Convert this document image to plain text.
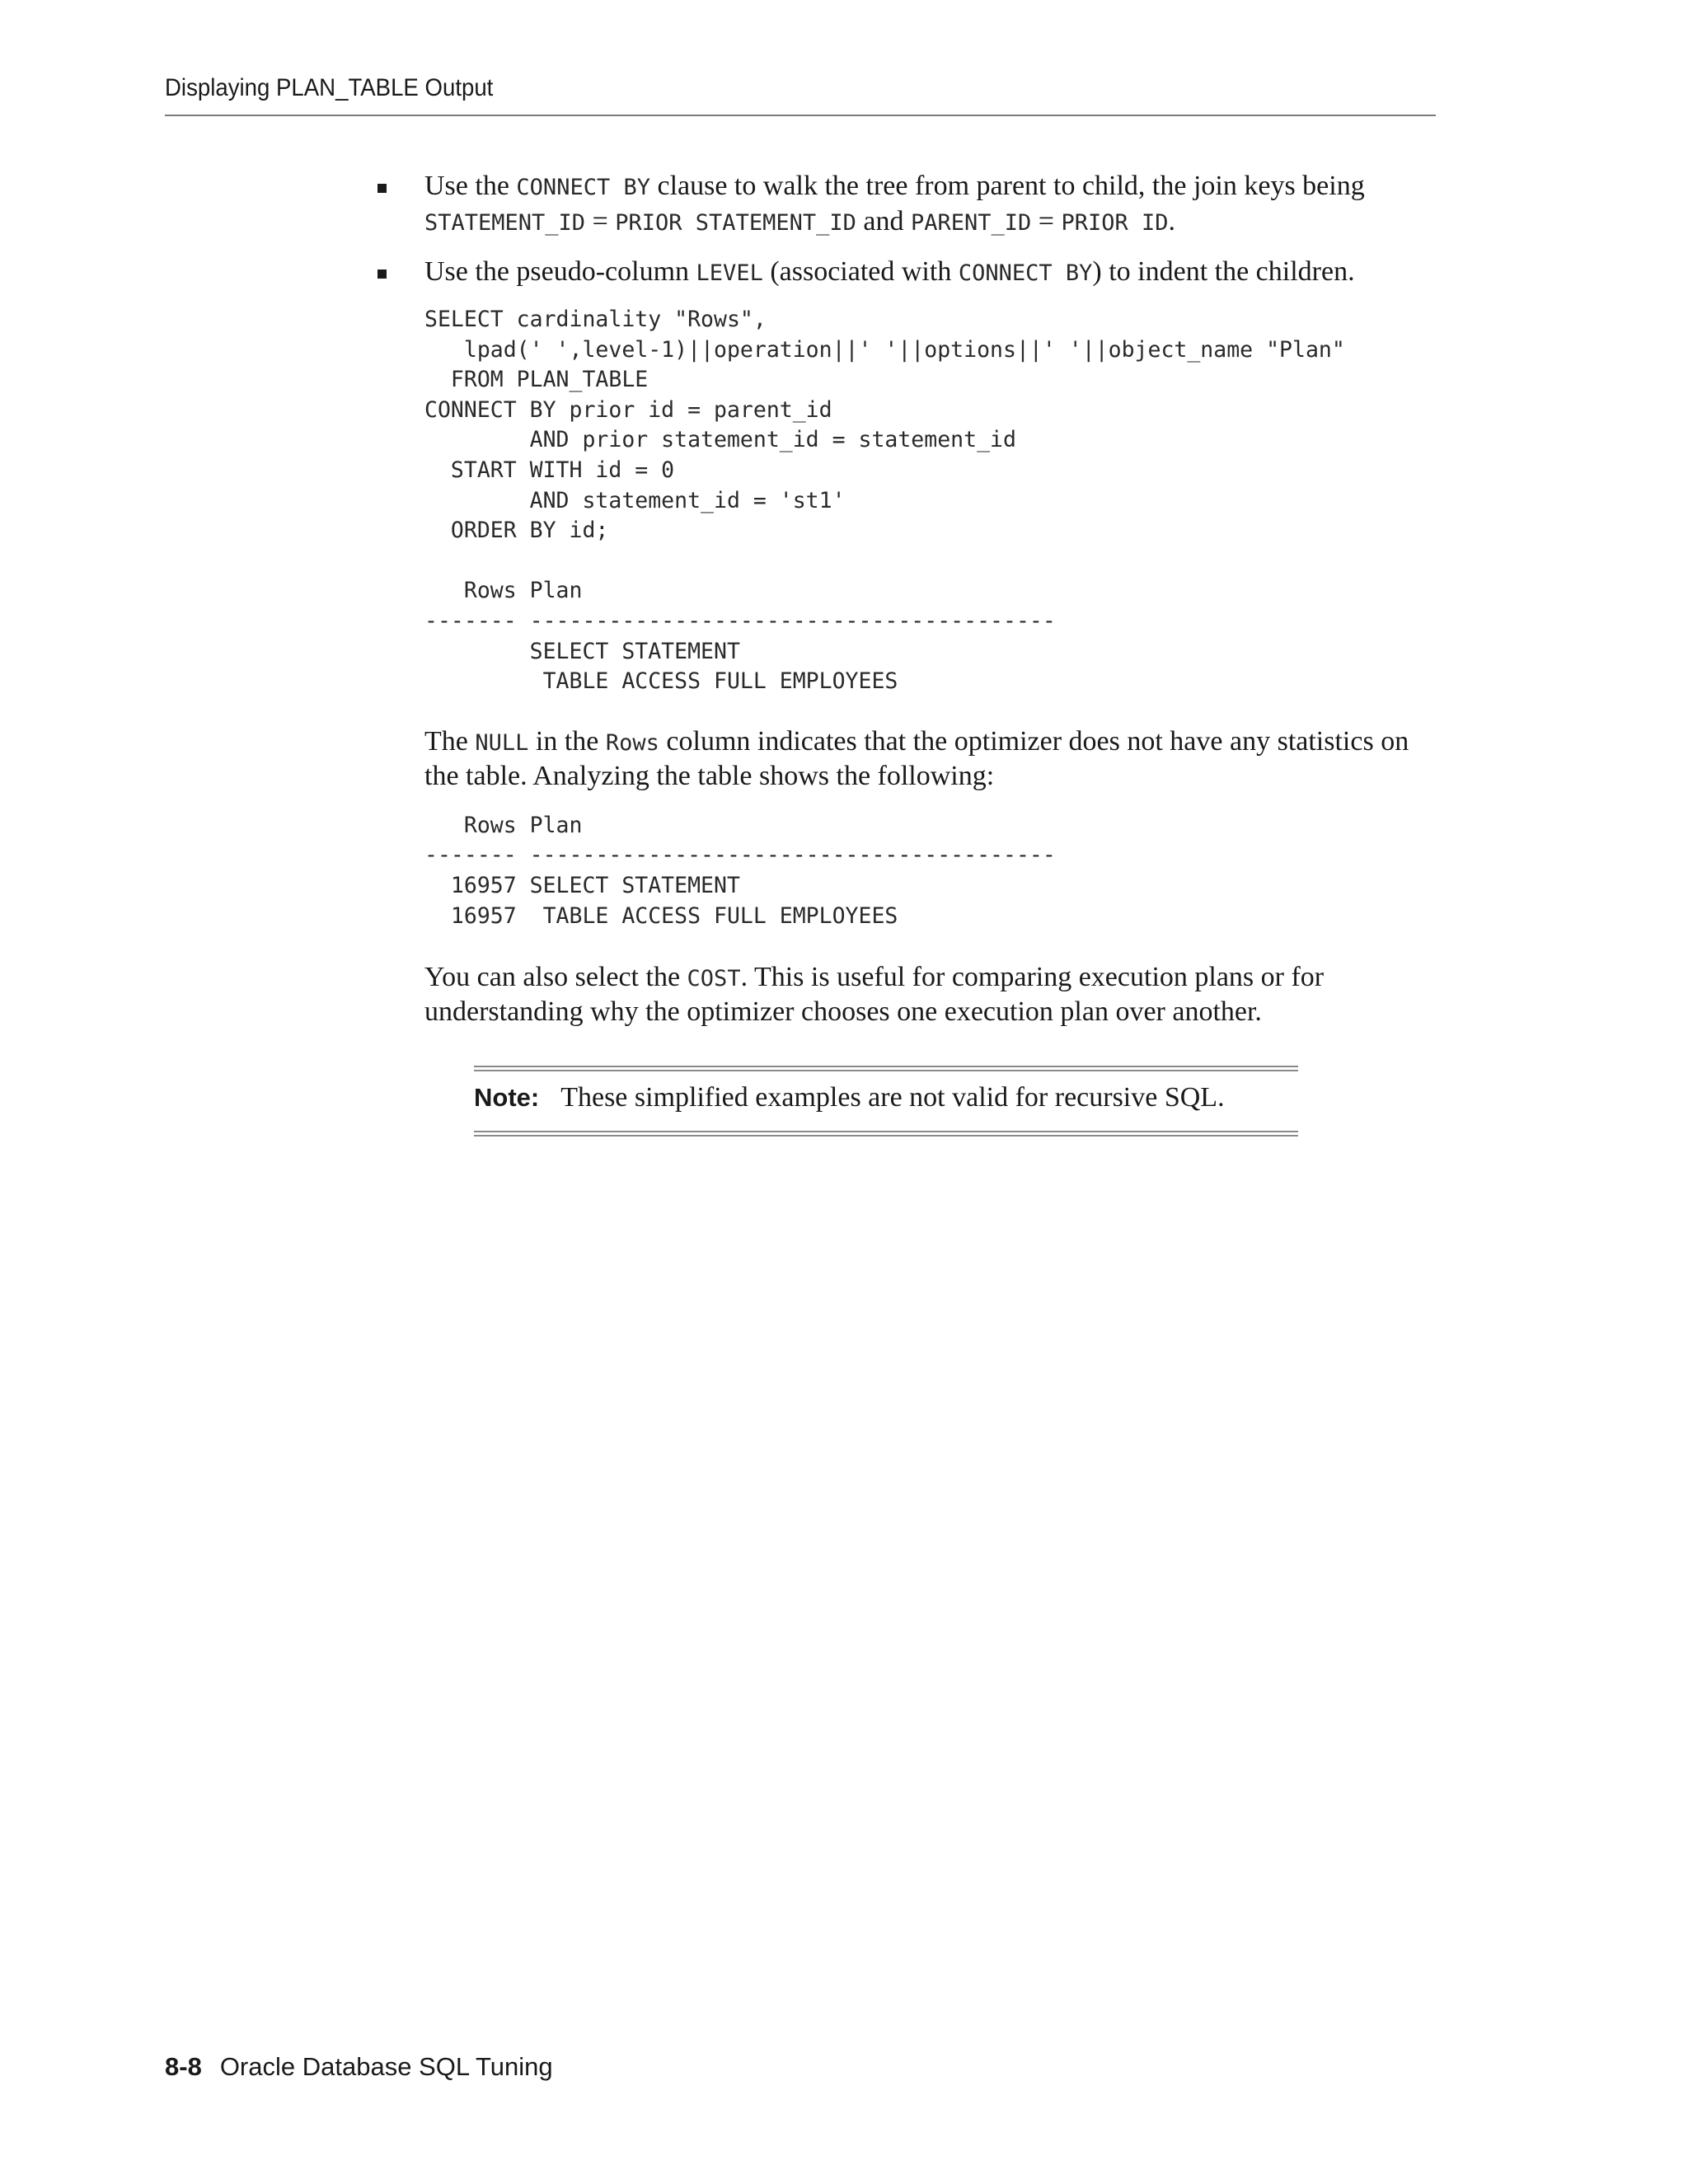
Displaying PLAN_TABLE Output
Use the CONNECT BY clause to walk the tree from parent to child, the join keys being STATEMENT_ID = PRIOR STATEMENT_ID and PARENT_ID = PRIOR ID.
Use the pseudo-column LEVEL (associated with CONNECT BY) to indent the children.
SELECT cardinality "Rows",
lpad(' ',level-1)||operation||' '||options||' '||object_name "Plan"
FROM PLAN_TABLE
CONNECT BY prior id = parent_id
AND prior statement_id = statement_id
START WITH id = 0
AND statement_id = 'st1'
ORDER BY id;

Rows Plan
------- ----------------------------------------
SELECT STATEMENT
TABLE ACCESS FULL EMPLOYEES

The NULL in the Rows column indicates that the optimizer does not have any statistics on the table. Analyzing the table shows the following:

Rows Plan
------- ----------------------------------------
16957 SELECT STATEMENT
16957  TABLE ACCESS FULL EMPLOYEES

You can also select the COST. This is useful for comparing execution plans or for understanding why the optimizer chooses one execution plan over another.

Note: These simplified examples are not valid for recursive SQL.
8-8 Oracle Database SQL Tuning
